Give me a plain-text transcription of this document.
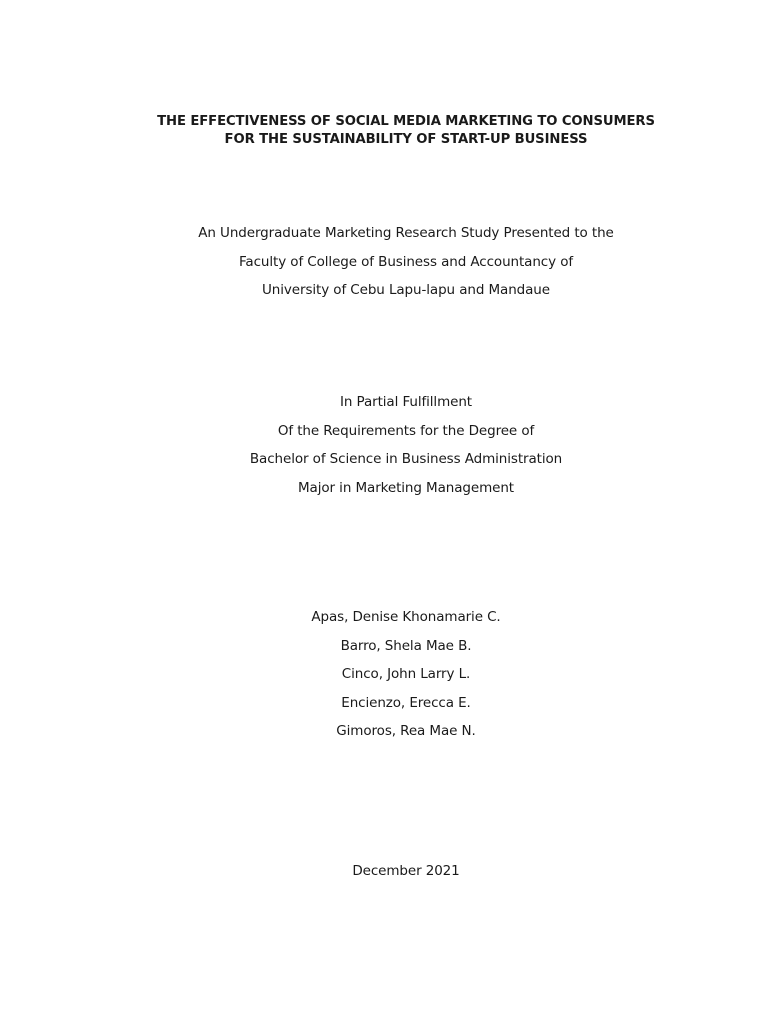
THE EFFECTIVENESS OF SOCIAL MEDIA MARKETING TO CONSUMERS
FOR THE SUSTAINABILITY OF START-UP BUSINESS
An Undergraduate Marketing Research Study Presented to the
Faculty of College of Business and Accountancy of
University of Cebu Lapu-lapu and Mandaue
In Partial Fulfillment
Of the Requirements for the Degree of
Bachelor of Science in Business Administration
Major in Marketing Management
Apas, Denise Khonamarie C.
Barro, Shela Mae B.
Cinco, John Larry L.
Encienzo, Erecca E.
Gimoros, Rea Mae N.
December 2021
